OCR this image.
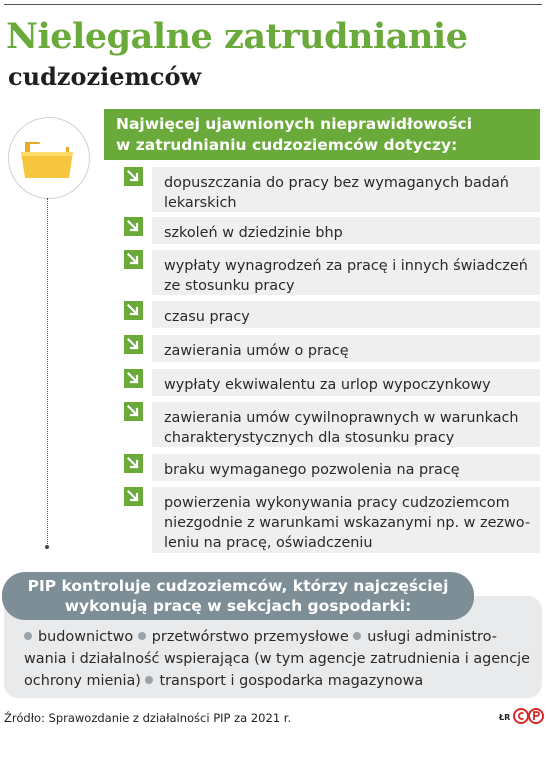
Nielegalne zatrudnianie
cudzoziemców
Najwięcej ujawnionych nieprawidłowości
w zatrudnianiu cudzoziemców dotyczy:
dopuszczania do pracy bez wymaganych badań
lekarskich
szkoleń w dziedzinie bhp
wypłaty wynagrodzeń za pracę i innych świadczeń
ze stosunku pracy
czasu pracy
zawierania umów o pracę
wypłaty ekwiwalentu za urlop wypoczynkowy
zawierania umów cywilnoprawnych w warunkach
charakterystycznych dla stosunku pracy
braku wymaganego pozwolenia na pracę
powierzenia wykonywania pracy cudzoziemcom
niezgodnie z warunkami wskazanymi np. w zezwo-
leniu na pracę, oświadczeniu
budownictwo przetwórstwo przemysłowe usługi administro-
wania i działalność wspierająca (w tym agencje zatrudnienia i agencje
ochrony mienia) transport i gospodarka magazynowa
PIP kontroluje cudzoziemców, którzy najczęściej
wykonują pracę w sekcjach gospodarki:
Źródło: Sprawozdanie z działalności PIP za 2021 r.	ŁR
